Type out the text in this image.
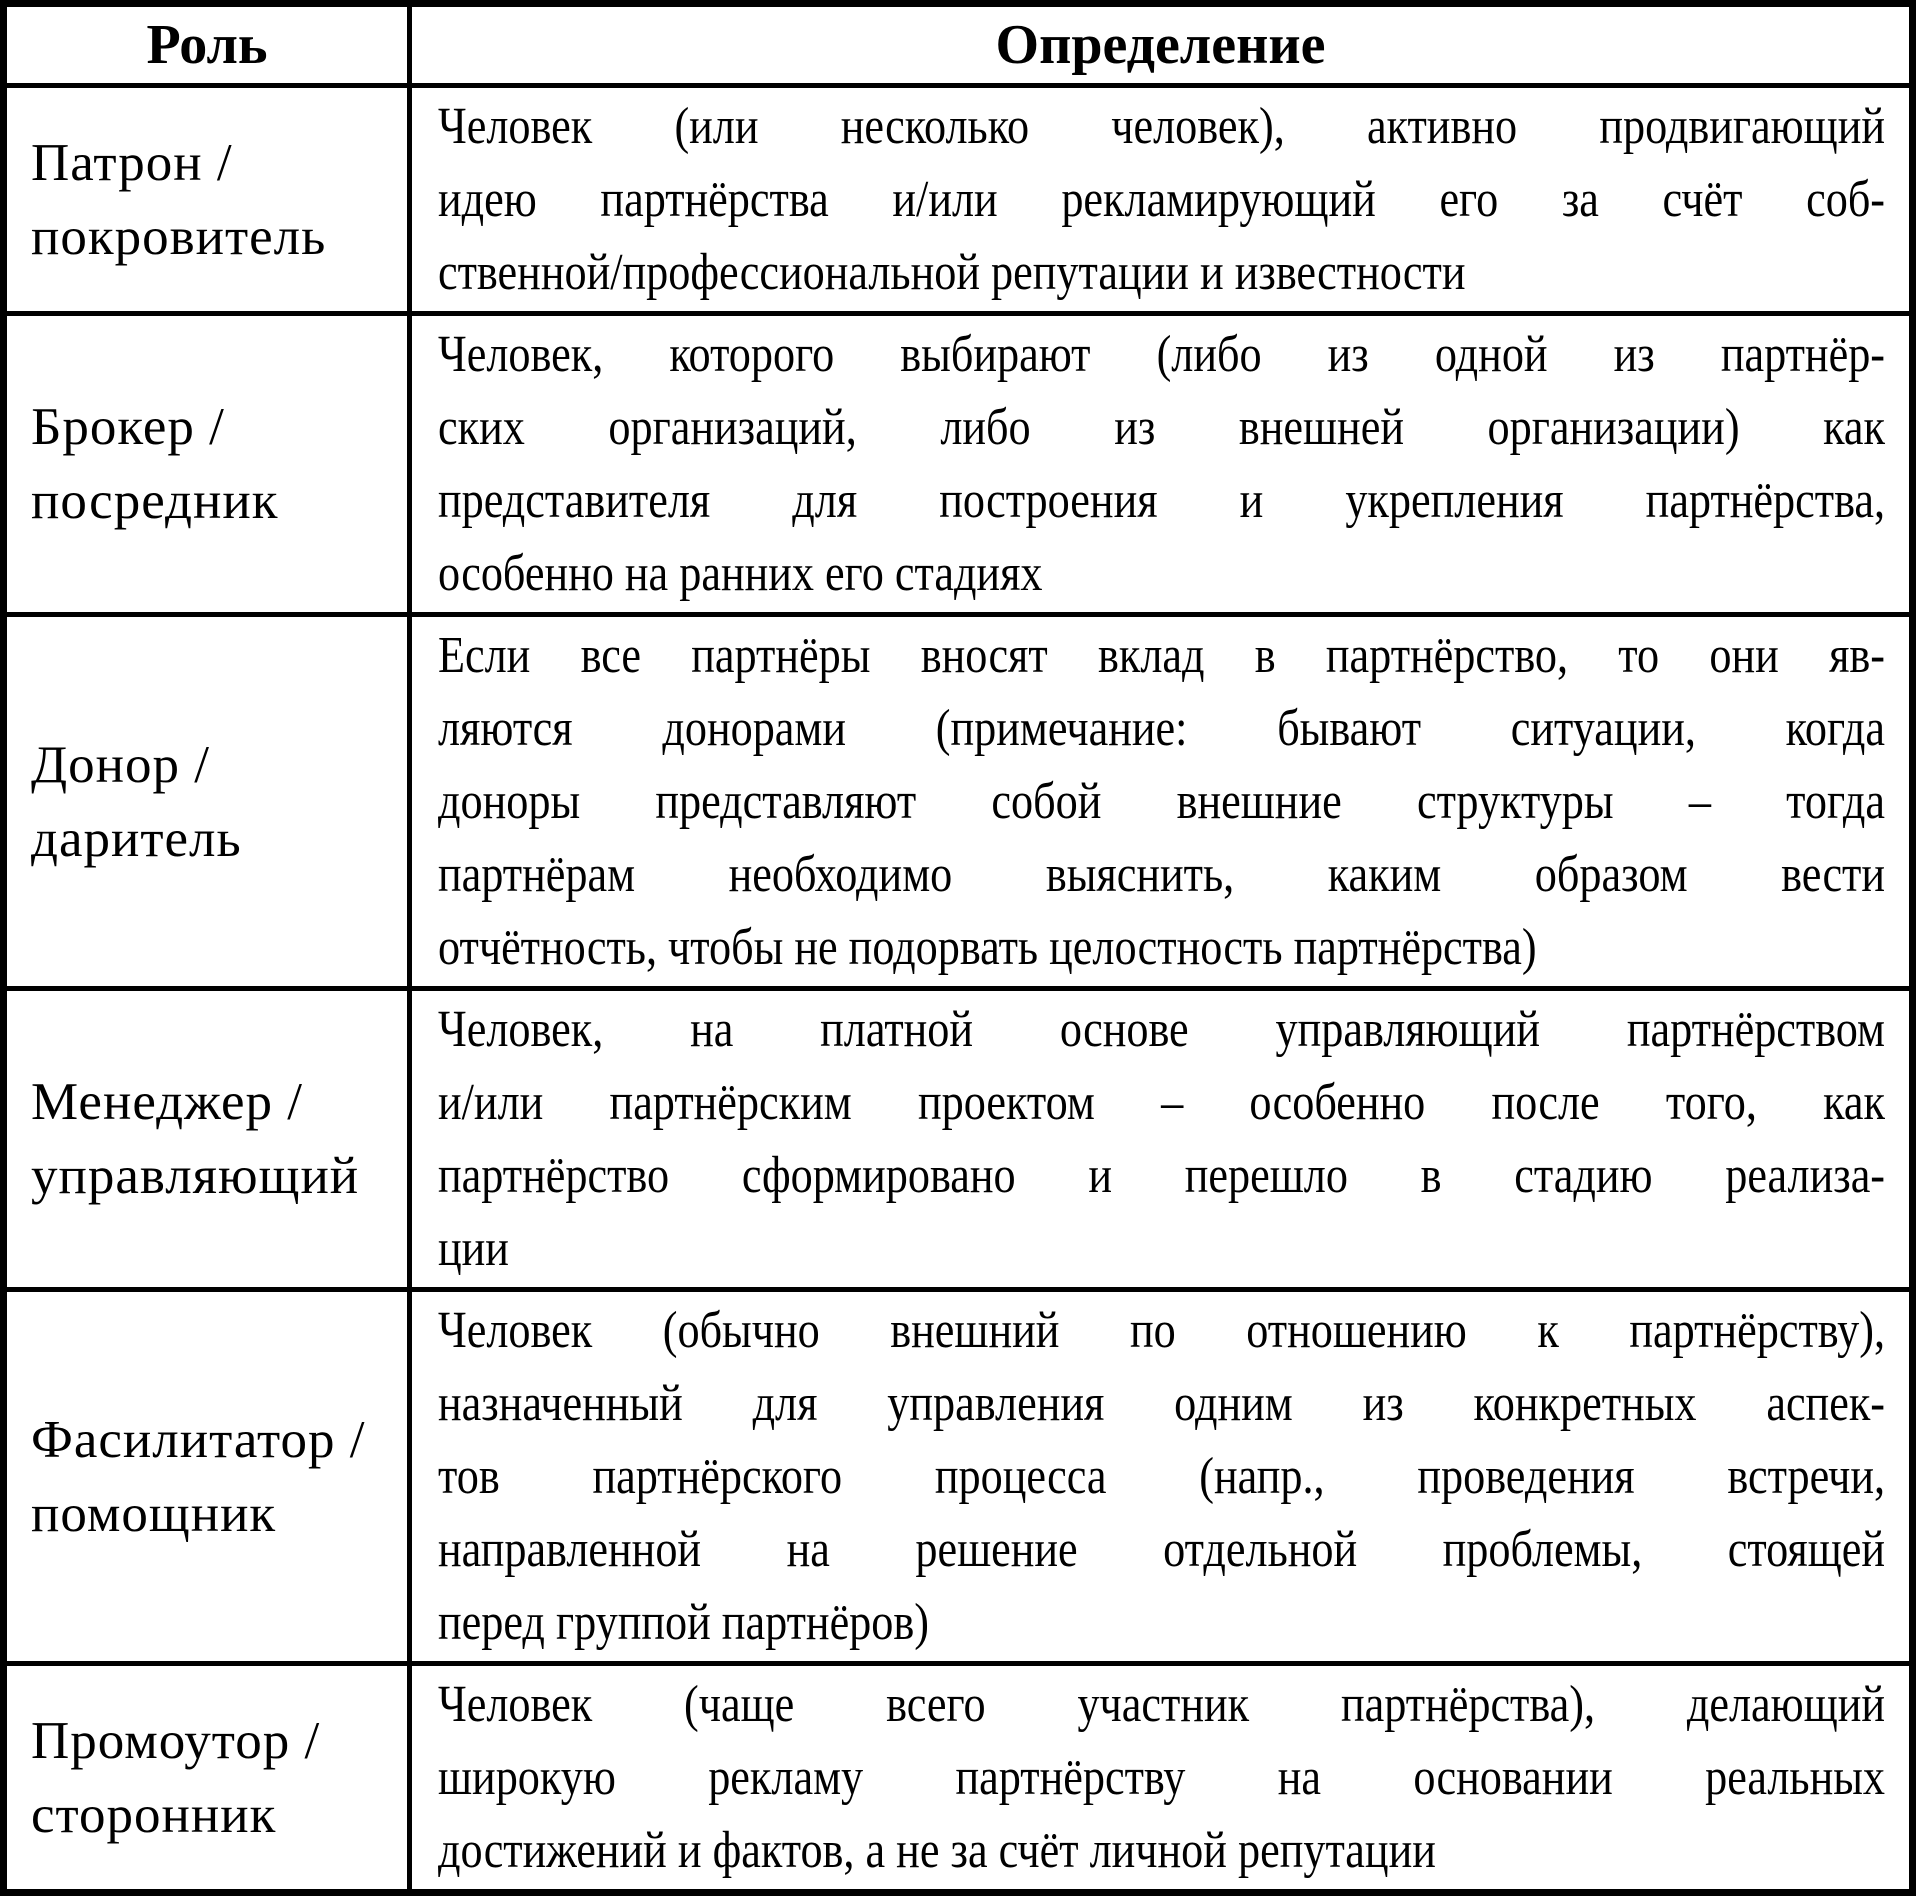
Роль	Определение
Патрон /
покровитель
Человек (или несколько человек), активно продвигающий
идею партнёрства и/или рекламирующий его за счёт соб-
ственной/профессиональной репутации и известности
Брокер /
посредник
Человек, которого выбирают (либо из одной из партнёр-
ских организаций, либо из внешней организации) как
представителя для построения и укрепления партнёрства,
особенно на ранних его стадиях
Донор /
даритель
Если все партнёры вносят вклад в партнёрство, то они яв-
ляются донорами (примечание: бывают ситуации, когда
доноры представляют собой внешние структуры – тогда
партнёрам необходимо выяснить, каким образом вести
отчётность, чтобы не подорвать целостность партнёрства)
Менеджер /
управляющий
Человек, на платной основе управляющий партнёрством
и/или партнёрским проектом – особенно после того, как
партнёрство сформировано и перешло в стадию реализа-
ции
Фасилитатор /
помощник
Человек (обычно внешний по отношению к партнёрству),
назначенный для управления одним из конкретных аспек-
тов партнёрского процесса (напр., проведения встречи,
направленной на решение отдельной проблемы, стоящей
перед группой партнёров)
Промоутор /
сторонник
Человек (чаще всего участник партнёрства), делающий
широкую рекламу партнёрству на основании реальных
достижений и фактов, а не за счёт личной репутации
